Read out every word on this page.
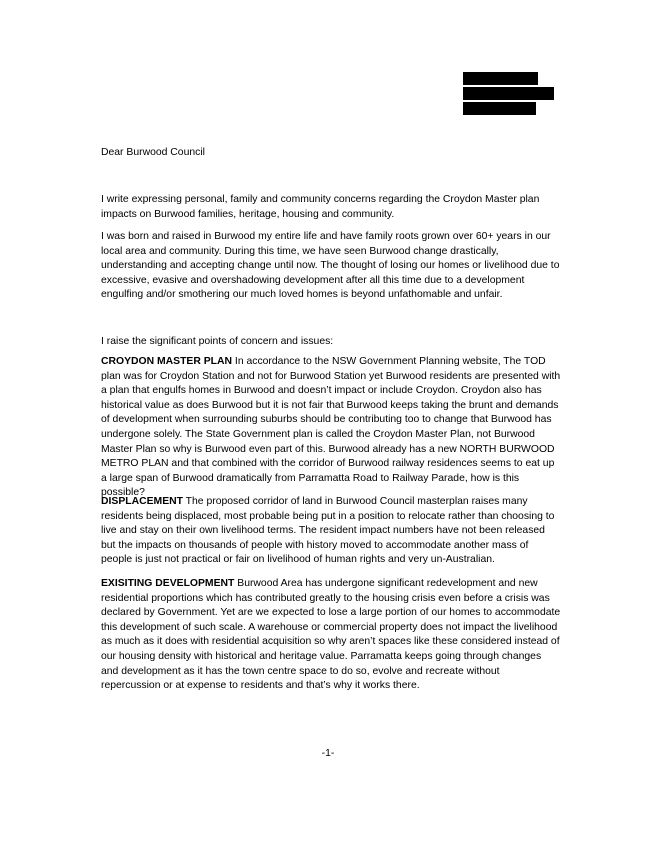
Dear Burwood Council

I write expressing personal, family and community concerns regarding the Croydon Master plan impacts on Burwood families, heritage, housing and community.

I was born and raised in Burwood my entire life and have family roots grown over 60+ years in our local area and community. During this time, we have seen Burwood change drastically, understanding and accepting change until now. The thought of losing our homes or livelihood due to excessive, evasive and overshadowing development after all this time due to a development engulfing and/or smothering our much loved homes is beyond unfathomable and unfair.

I raise the significant points of concern and issues:

CROYDON MASTER PLAN In accordance to the NSW Government Planning website, The TOD plan was for Croydon Station and not for Burwood Station yet Burwood residents are presented with a plan that engulfs homes in Burwood and doesn’t impact or include Croydon. Croydon also has historical value as does Burwood but it is not fair that Burwood keeps taking the brunt and demands of development when surrounding suburbs should be contributing too to change that Burwood has undergone solely. The State Government plan is called the Croydon Master Plan, not Burwood Master Plan so why is Burwood even part of this. Burwood already has a new NORTH BURWOOD METRO PLAN and that combined with the corridor of Burwood railway residences seems to eat up a large span of Burwood dramatically from Parramatta Road to Railway Parade, how is this possible?

DISPLACEMENT The proposed corridor of land in Burwood Council masterplan raises many residents being displaced, most probable being put in a position to relocate rather than choosing to live and stay on their own livelihood terms. The resident impact numbers have not been released but the impacts on thousands of people with history moved to accommodate another mass of people is just not practical or fair on livelihood of human rights and very un-Australian.

EXISITING DEVELOPMENT Burwood Area has undergone significant redevelopment and new residential proportions which has contributed greatly to the housing crisis even before a crisis was declared by Government. Yet are we expected to lose a large portion of our homes to accommodate this development of such scale. A warehouse or commercial property does not impact the livelihood as much as it does with residential acquisition so why aren’t spaces like these considered instead of our housing density with historical and heritage value. Parramatta keeps going through changes and development as it has the town centre space to do so, evolve and recreate without repercussion or at expense to residents and that’s why it works there.

-1-
